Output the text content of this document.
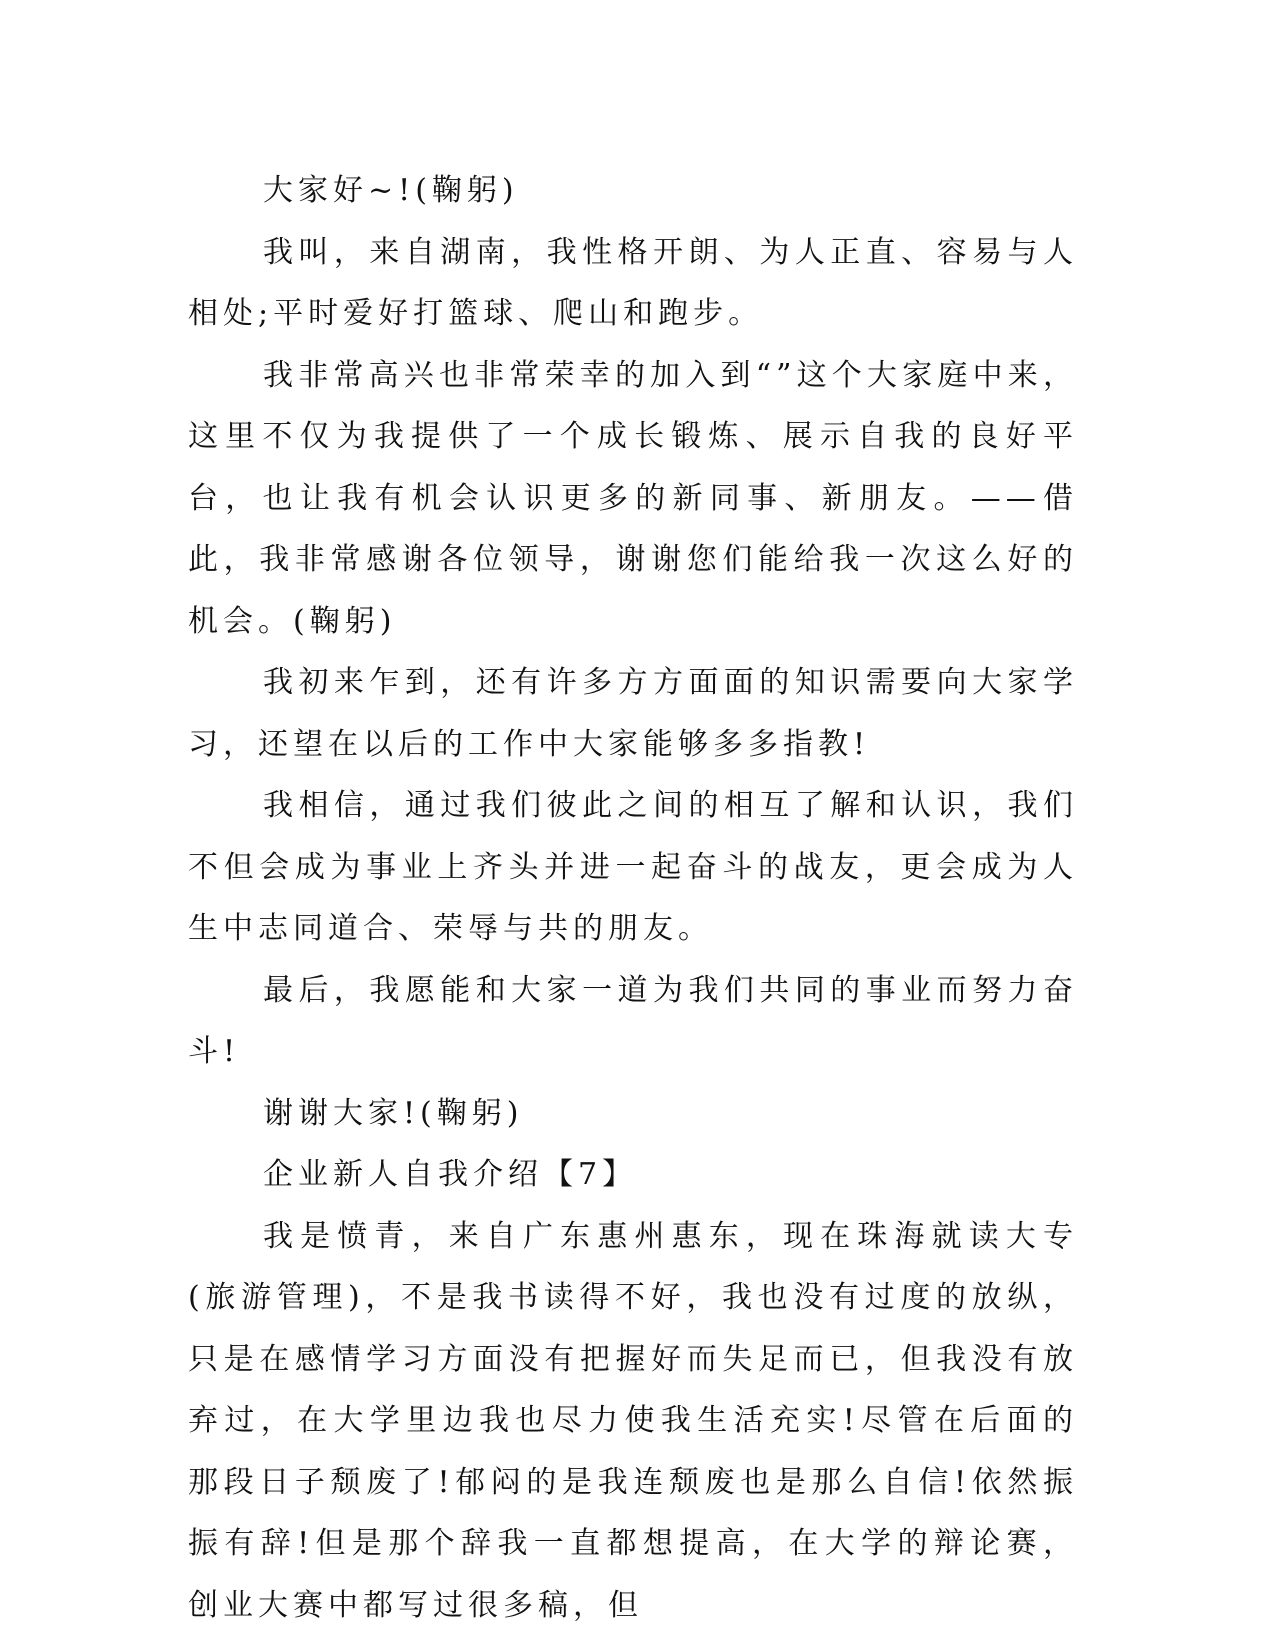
大家好~!(鞠躬)

我叫，来自湖南，我性格开朗、为人正直、容易与人相处;平时爱好打篮球、爬山和跑步。

我非常高兴也非常荣幸的加入到“”这个大家庭中来，这里不仅为我提供了一个成长锻炼、展示自我的良好平台，也让我有机会认识更多的新同事、新朋友。——借此，我非常感谢各位领导，谢谢您们能给我一次这么好的机会。(鞠躬)

我初来乍到，还有许多方方面面的知识需要向大家学习，还望在以后的工作中大家能够多多指教!

我相信，通过我们彼此之间的相互了解和认识，我们不但会成为事业上齐头并进一起奋斗的战友，更会成为人生中志同道合、荣辱与共的朋友。

最后，我愿能和大家一道为我们共同的事业而努力奋斗!

谢谢大家!(鞠躬)

企业新人自我介绍【7】

我是愤青，来自广东惠州惠东，现在珠海就读大专(旅游管理)，不是我书读得不好，我也没有过度的放纵，只是在感情学习方面没有把握好而失足而已，但我没有放弃过，在大学里边我也尽力使我生活充实!尽管在后面的那段日子颓废了!郁闷的是我连颓废也是那么自信!依然振振有辞!但是那个辞我一直都想提高，在大学的辩论赛，创业大赛中都写过很多稿，但
